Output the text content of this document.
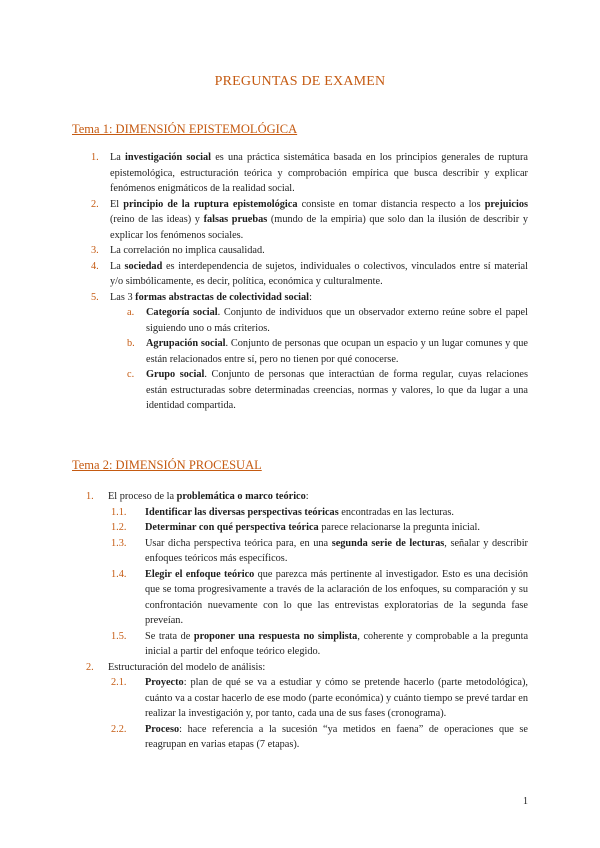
PREGUNTAS DE EXAMEN
Tema 1: DIMENSIÓN EPISTEMOLÓGICA
1. La investigación social es una práctica sistemática basada en los principios generales de ruptura epistemológica, estructuración teórica y comprobación empírica que busca describir y explicar fenómenos enigmáticos de la realidad social.
2. El principio de la ruptura epistemológica consiste en tomar distancia respecto a los prejuicios (reino de las ideas) y falsas pruebas (mundo de la empiria) que solo dan la ilusión de describir y explicar los fenómenos sociales.
3. La correlación no implica causalidad.
4. La sociedad es interdependencia de sujetos, individuales o colectivos, vinculados entre sí material y/o simbólicamente, es decir, política, económica y culturalmente.
5. Las 3 formas abstractas de colectividad social:
a. Categoría social. Conjunto de individuos que un observador externo reúne sobre el papel siguiendo uno o más criterios.
b. Agrupación social. Conjunto de personas que ocupan un espacio y un lugar comunes y que están relacionados entre sí, pero no tienen por qué conocerse.
c. Grupo social. Conjunto de personas que interactúan de forma regular, cuyas relaciones están estructuradas sobre determinadas creencias, normas y valores, lo que da lugar a una identidad compartida.
Tema 2: DIMENSIÓN PROCESUAL
1. El proceso de la problemática o marco teórico:
1.1. Identificar las diversas perspectivas teóricas encontradas en las lecturas.
1.2. Determinar con qué perspectiva teórica parece relacionarse la pregunta inicial.
1.3. Usar dicha perspectiva teórica para, en una segunda serie de lecturas, señalar y describir enfoques teóricos más específicos.
1.4. Elegir el enfoque teórico que parezca más pertinente al investigador. Esto es una decisión que se toma progresivamente a través de la aclaración de los enfoques, su comparación y su confrontación nuevamente con lo que las entrevistas exploratorias de la segunda fase preveían.
1.5. Se trata de proponer una respuesta no simplista, coherente y comprobable a la pregunta inicial a partir del enfoque teórico elegido.
2. Estructuración del modelo de análisis:
2.1. Proyecto: plan de qué se va a estudiar y cómo se pretende hacerlo (parte metodológica), cuánto va a costar hacerlo de ese modo (parte económica) y cuánto tiempo se prevé tardar en realizar la investigación y, por tanto, cada una de sus fases (cronograma).
2.2. Proceso: hace referencia a la sucesión “ya metidos en faena” de operaciones que se reagrupan en varias etapas (7 etapas).
1
